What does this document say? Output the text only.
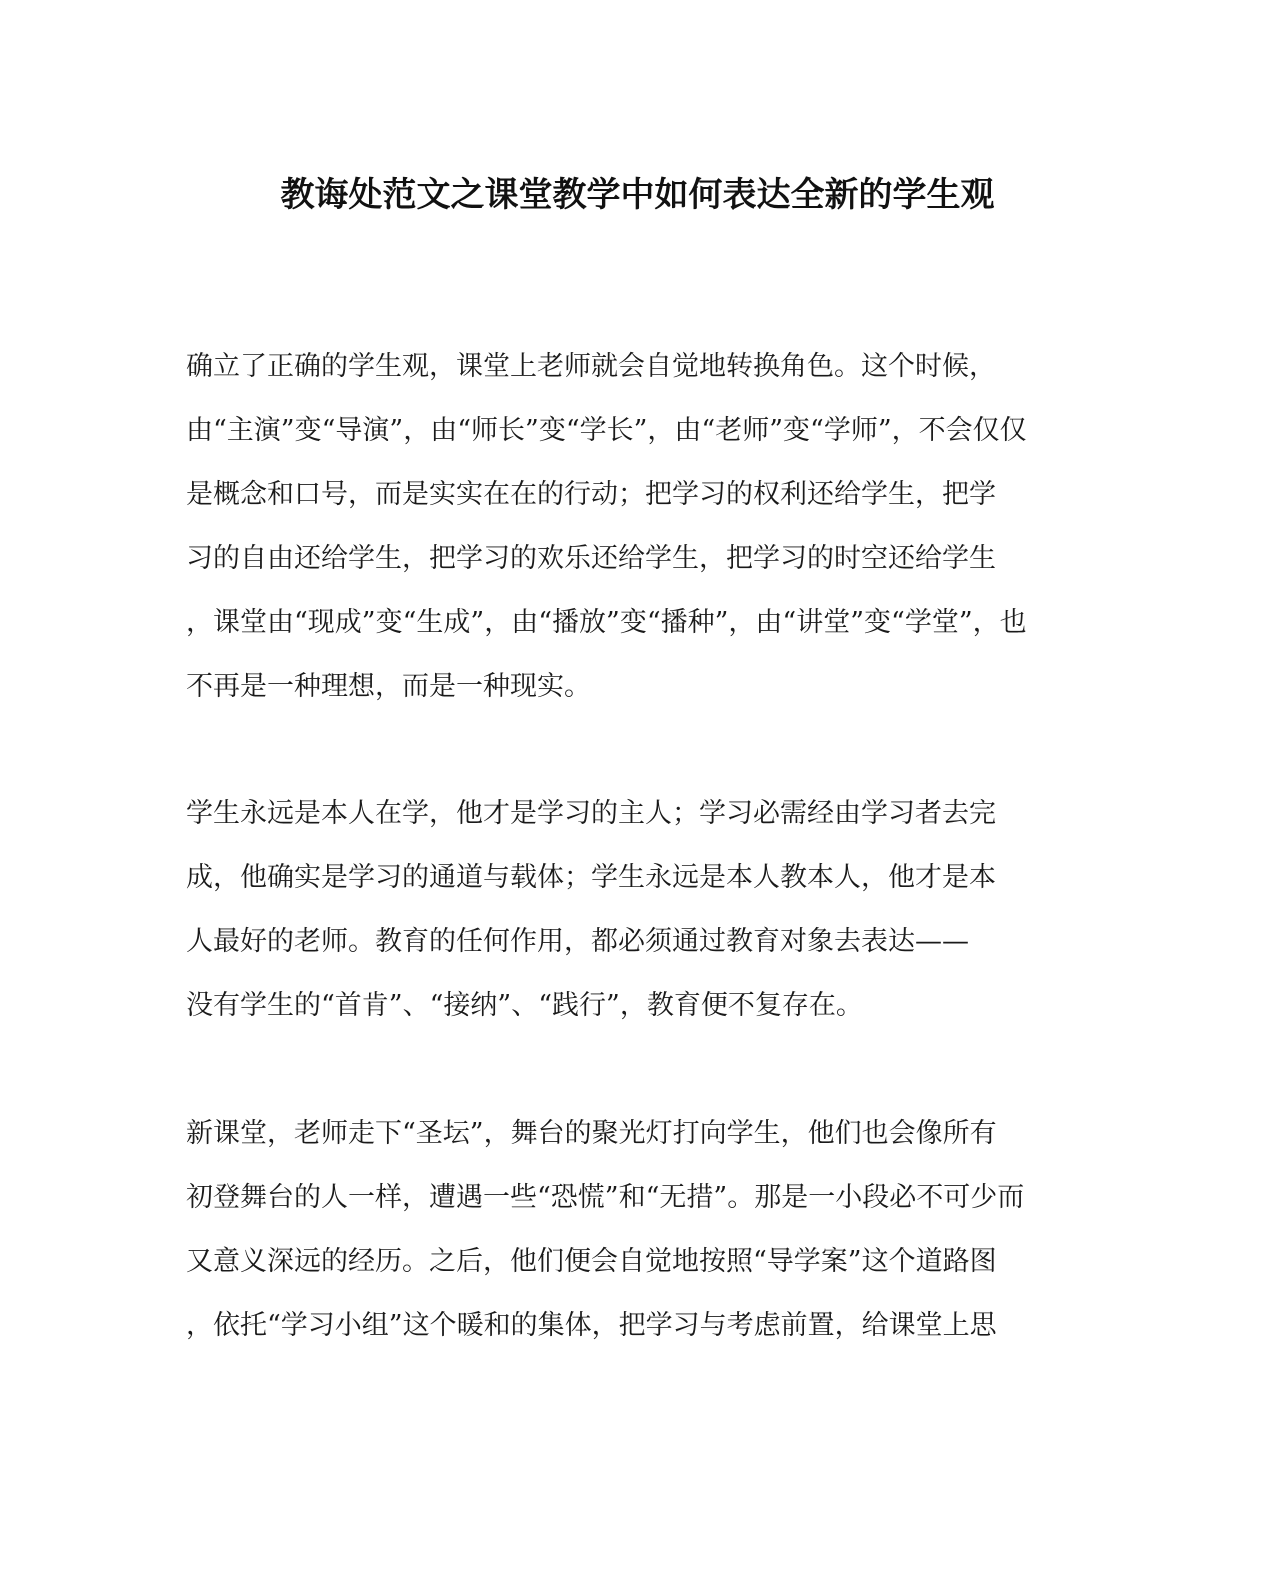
教诲处范文之课堂教学中如何表达全新的学生观
确立了正确的学生观，课堂上老师就会自觉地转换角色。这个时候，
由“主演”变“导演”，由“师长”变“学长”，由“老师”变“学师”，不会仅仅
是概念和口号，而是实实在在的行动；把学习的权利还给学生，把学
习的自由还给学生，把学习的欢乐还给学生，把学习的时空还给学生
，课堂由“现成”变“生成”，由“播放”变“播种”，由“讲堂”变“学堂”，也
不再是一种理想，而是一种现实。
学生永远是本人在学，他才是学习的主人；学习必需经由学习者去完
成，他确实是学习的通道与载体；学生永远是本人教本人，他才是本
人最好的老师。教育的任何作用，都必须通过教育对象去表达——
没有学生的“首肯”、“接纳”、“践行”，教育便不复存在。
新课堂，老师走下“圣坛”，舞台的聚光灯打向学生，他们也会像所有
初登舞台的人一样，遭遇一些“恐慌”和“无措”。那是一小段必不可少而
又意义深远的经历。之后，他们便会自觉地按照“导学案”这个道路图
，依托“学习小组”这个暖和的集体，把学习与考虑前置，给课堂上思
